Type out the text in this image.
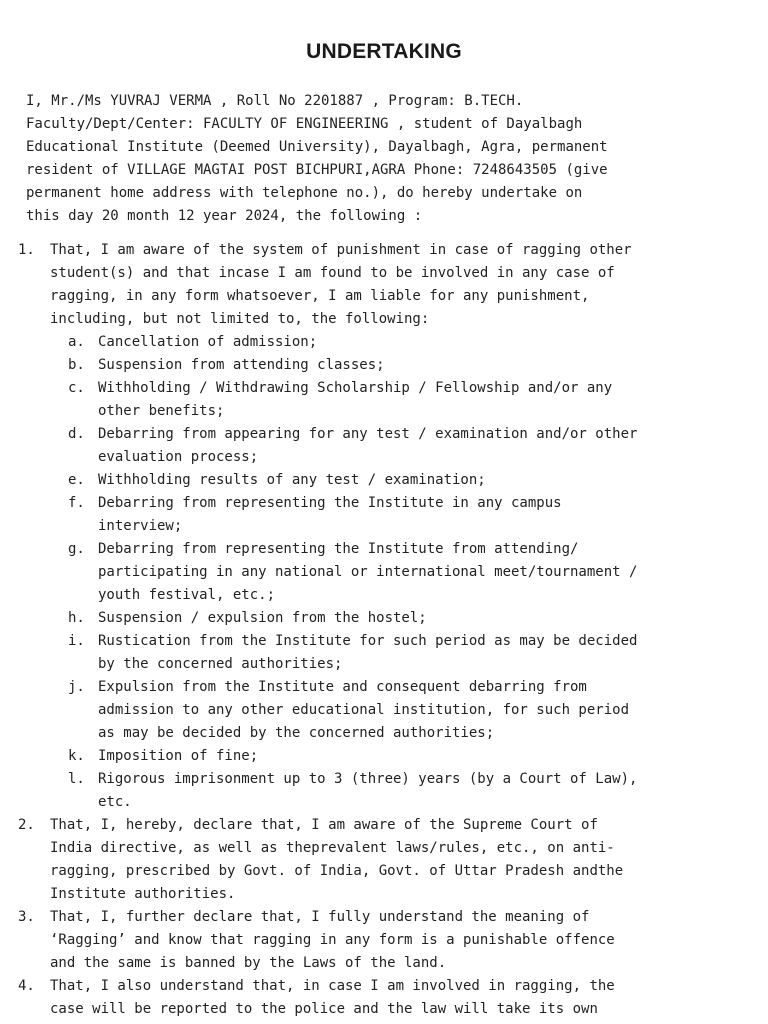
UNDERTAKING
I, Mr./Ms YUVRAJ VERMA , Roll No 2201887 , Program: B.TECH.
Faculty/Dept/Center: FACULTY OF ENGINEERING , student of Dayalbagh
Educational Institute (Deemed University), Dayalbagh, Agra, permanent
resident of VILLAGE MAGTAI POST BICHPURI,AGRA Phone: 7248643505 (give
permanent home address with telephone no.), do hereby undertake on
this day 20 month 12 year 2024, the following :
1. That, I am aware of the system of punishment in case of ragging other
student(s) and that incase I am found to be involved in any case of
ragging, in any form whatsoever, I am liable for any punishment,
including, but not limited to, the following:
a. Cancellation of admission;
b. Suspension from attending classes;
c. Withholding / Withdrawing Scholarship / Fellowship and/or any
other benefits;
d. Debarring from appearing for any test / examination and/or other
evaluation process;
e. Withholding results of any test / examination;
f. Debarring from representing the Institute in any campus
interview;
g. Debarring from representing the Institute from attending/
participating in any national or international meet/tournament /
youth festival, etc.;
h. Suspension / expulsion from the hostel;
i. Rustication from the Institute for such period as may be decided
by the concerned authorities;
j. Expulsion from the Institute and consequent debarring from
admission to any other educational institution, for such period
as may be decided by the concerned authorities;
k. Imposition of fine;
l. Rigorous imprisonment up to 3 (three) years (by a Court of Law),
etc.
2. That, I, hereby, declare that, I am aware of the Supreme Court of
India directive, as well as theprevalent laws/rules, etc., on anti-
ragging, prescribed by Govt. of India, Govt. of Uttar Pradesh andthe
Institute authorities.
3. That, I, further declare that, I fully understand the meaning of
‘Ragging’ and know that ragging in any form is a punishable offence
and the same is banned by the Laws of the land.
4. That, I also understand that, in case I am involved in ragging, the
case will be reported to the police and the law will take its own
